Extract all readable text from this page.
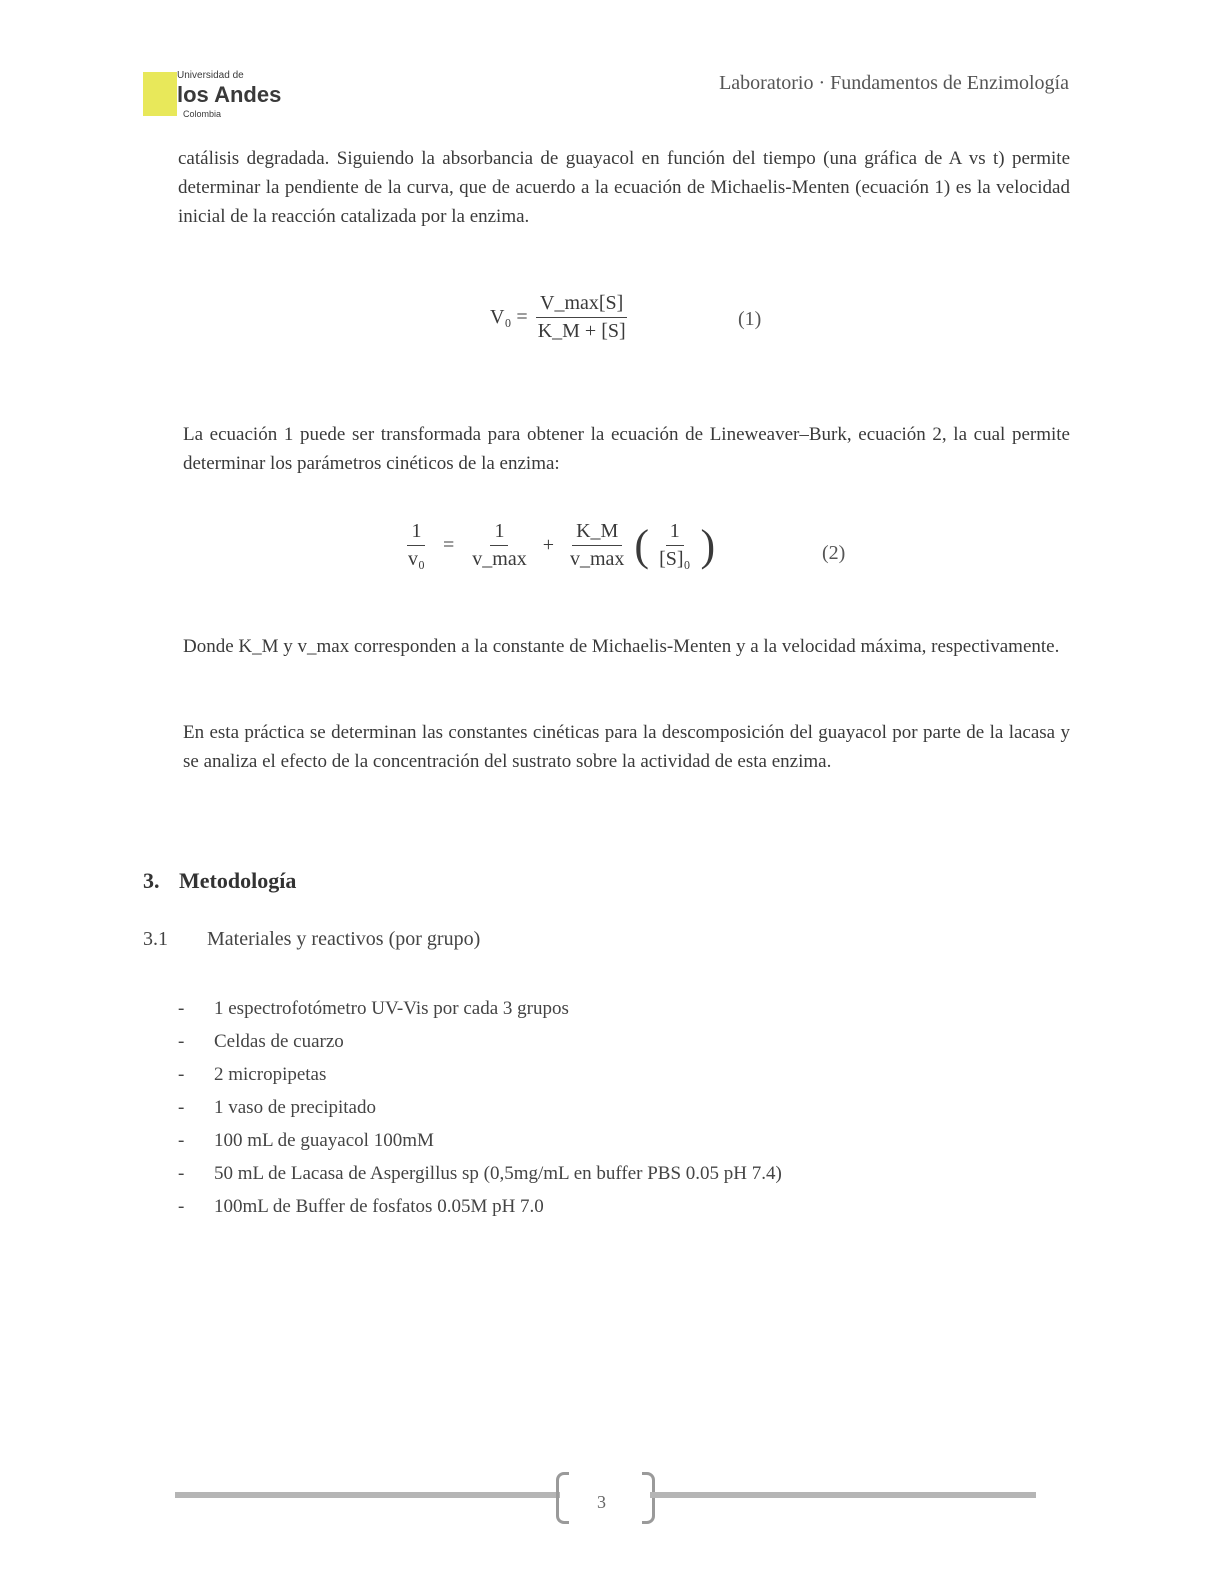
Universidad de
los Andes
Colombia
Laboratorio · Fundamentos de Enzimología
catálisis degradada. Siguiendo la absorbancia de guayacol en función del tiempo (una gráfica de A vs t) permite determinar la pendiente de la curva, que de acuerdo a la ecuación de Michaelis-Menten (ecuación 1) es la velocidad inicial de la reacción catalizada por la enzima.
$V_0 = \frac{V\_\max[S]}{K\_M + [S]}$	(1)
La ecuación 1 puede ser transformada para obtener la ecuación de Lineweaver–Burk, ecuación 2, la cual permite determinar los parámetros cinéticos de la enzima:
$\frac{1}{\text{v₀}} = \frac{1}{v\_\max} + \frac{K\_M}{v\_\max}$ ( $\frac{1}{\text{[S]₀}}$ )	(2)
Donde K_M y v_max corresponden a la constante de Michaelis-Menten y a la velocidad máxima, respectivamente.
En esta práctica se determinan las constantes cinéticas para la descomposición del guayacol por parte de la lacasa y se analiza el efecto de la concentración del sustrato sobre la actividad de esta enzima.
3. Metodología
3.1 Materiales y reactivos (por grupo)
- 1 espectrofotómetro UV-Vis por cada 3 grupos
- Celdas de cuarzo
- 2 micropipetas
- 1 vaso de precipitado
- 100 mL de guayacol 100mM
- 50 mL de Lacasa de Aspergillus sp (0,5mg/mL en buffer PBS 0.05 pH 7.4)
- 100mL de Buffer de fosfatos 0.05M pH 7.0
3
